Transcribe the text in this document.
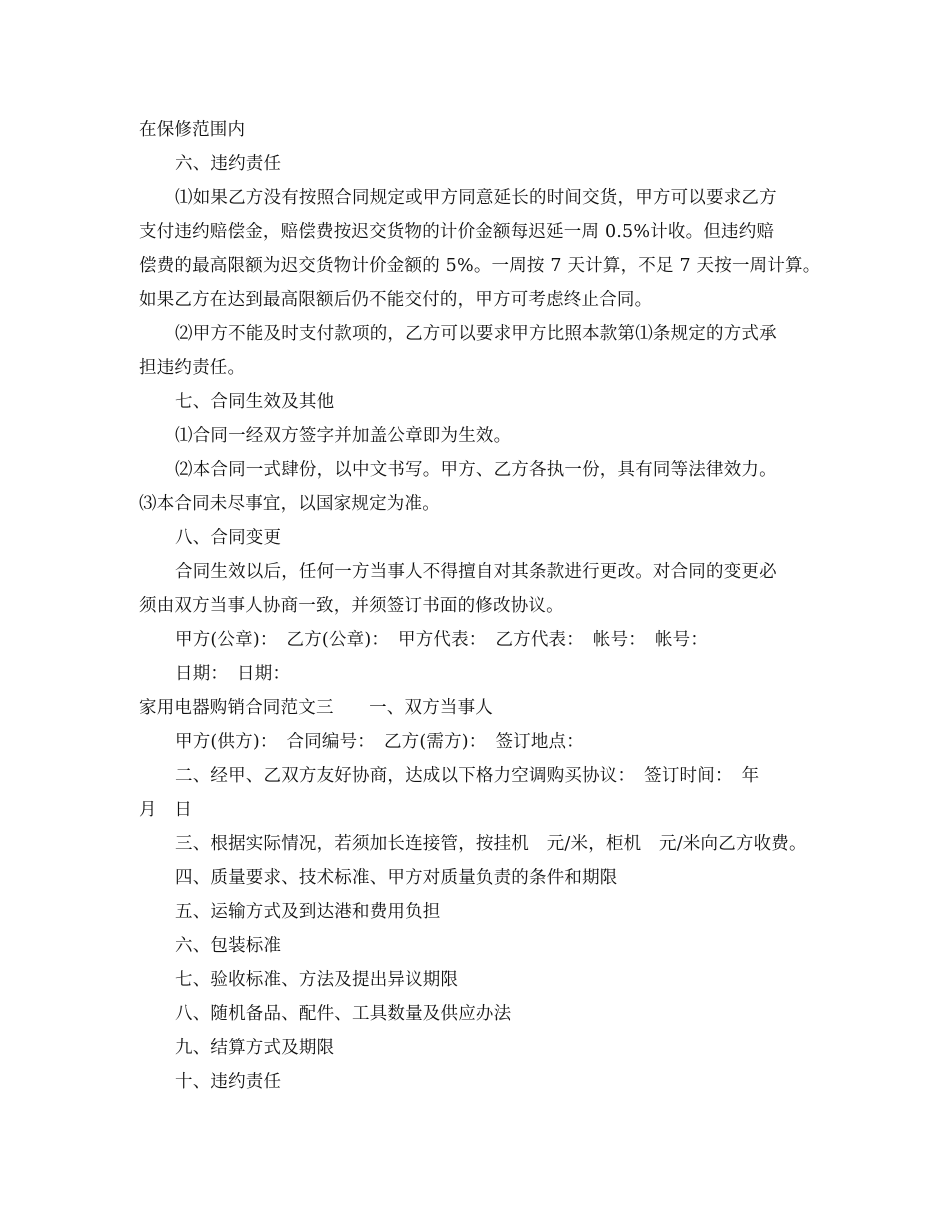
在保修范围内
六、违约责任
⑴如果乙方没有按照合同规定或甲方同意延长的时间交货，甲方可以要求乙方
支付违约赔偿金，赔偿费按迟交货物的计价金额每迟延一周 0.5%计收。但违约赔
偿费的最高限额为迟交货物计价金额的 5%。一周按 7 天计算，不足 7 天按一周计算。
如果乙方在达到最高限额后仍不能交付的，甲方可考虑终止合同。
⑵甲方不能及时支付款项的，乙方可以要求甲方比照本款第⑴条规定的方式承
担违约责任。
七、合同生效及其他
⑴合同一经双方签字并加盖公章即为生效。
⑵本合同一式肆份，以中文书写。甲方、乙方各执一份，具有同等法律效力。
⑶本合同未尽事宜，以国家规定为准。
八、合同变更
合同生效以后，任何一方当事人不得擅自对其条款进行更改。对合同的变更必
须由双方当事人协商一致，并须签订书面的修改协议。
甲方(公章)：　乙方(公章)：　甲方代表：　乙方代表：　帐号：　帐号：
日期：　日期：
家用电器购销合同范文三　　一、双方当事人
甲方(供方)：　合同编号：　乙方(需方)：　签订地点：
二、经甲、乙双方友好协商，达成以下格力空调购买协议：　签订时间：　年
月　日
三、根据实际情况，若须加长连接管，按挂机　元/米，柜机　元/米向乙方收费。
四、质量要求、技术标准、甲方对质量负责的条件和期限
五、运输方式及到达港和费用负担
六、包装标准
七、验收标准、方法及提出异议期限
八、随机备品、配件、工具数量及供应办法
九、结算方式及期限
十、违约责任
